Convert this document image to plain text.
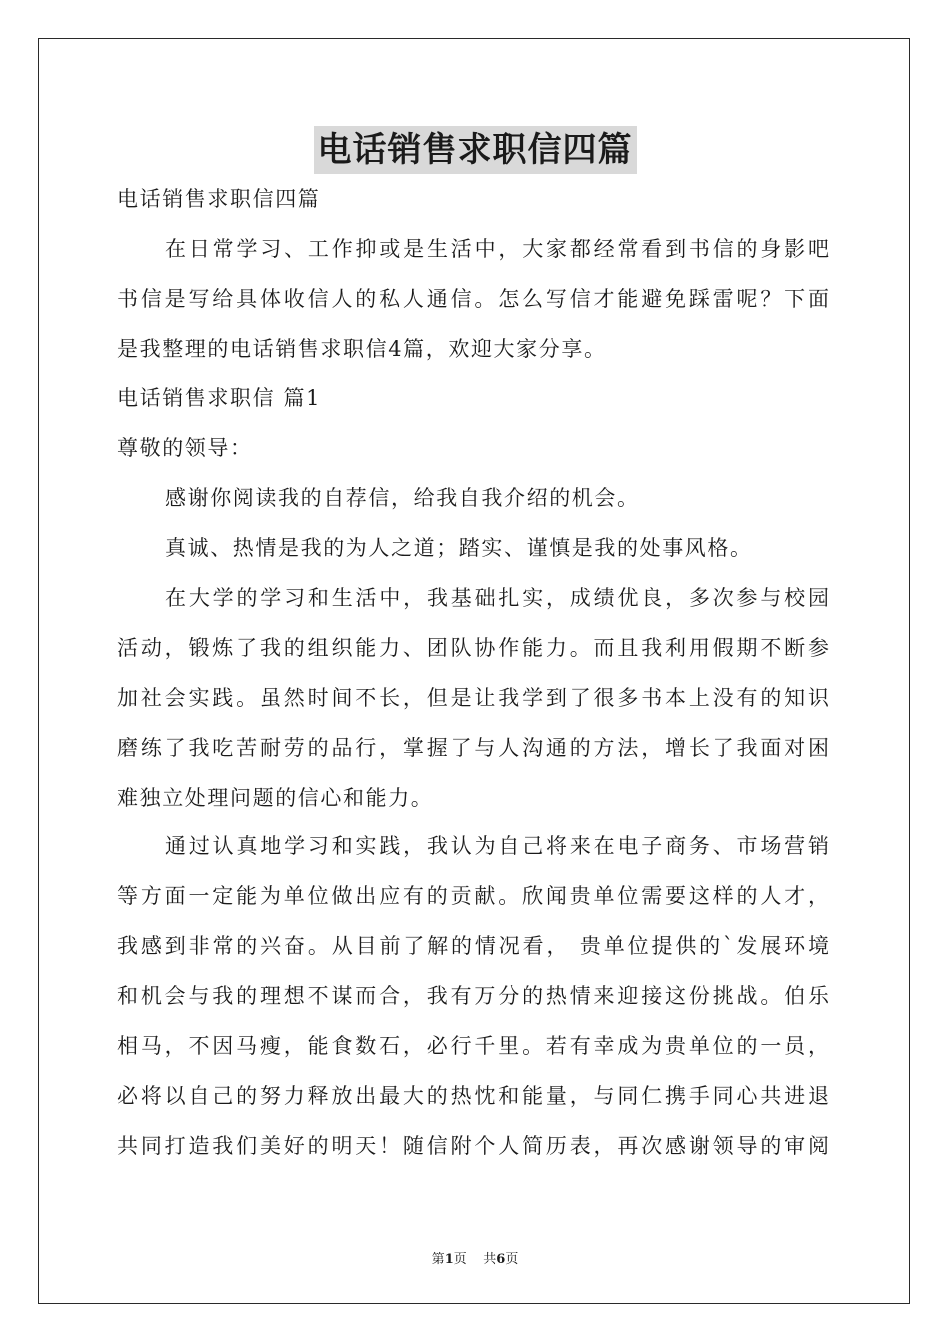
电话销售求职信四篇
电话销售求职信四篇
在日常学习、工作抑或是生活中，大家都经常看到书信的身影吧
书信是写给具体收信人的私人通信。怎么写信才能避免踩雷呢？下面
是我整理的电话销售求职信4篇，欢迎大家分享。
电话销售求职信 篇1
尊敬的领导：
感谢你阅读我的自荐信，给我自我介绍的机会。
真诚、热情是我的为人之道；踏实、谨慎是我的处事风格。
在大学的学习和生活中，我基础扎实，成绩优良，多次参与校园
活动，锻炼了我的组织能力、团队协作能力。而且我利用假期不断参
加社会实践。虽然时间不长，但是让我学到了很多书本上没有的知识
磨练了我吃苦耐劳的品行，掌握了与人沟通的方法，增长了我面对困
难独立处理问题的信心和能力。
通过认真地学习和实践，我认为自己将来在电子商务、市场营销
等方面一定能为单位做出应有的贡献。欣闻贵单位需要这样的人才，
我感到非常的兴奋。从目前了解的情况看， 贵单位提供的`发展环境
和机会与我的理想不谋而合，我有万分的热情来迎接这份挑战。伯乐
相马，不因马瘦，能食数石，必行千里。若有幸成为贵单位的一员，
必将以自己的努力释放出最大的热忱和能量，与同仁携手同心共进退
共同打造我们美好的明天！随信附个人简历表，再次感谢领导的审阅
第1页    共6页
